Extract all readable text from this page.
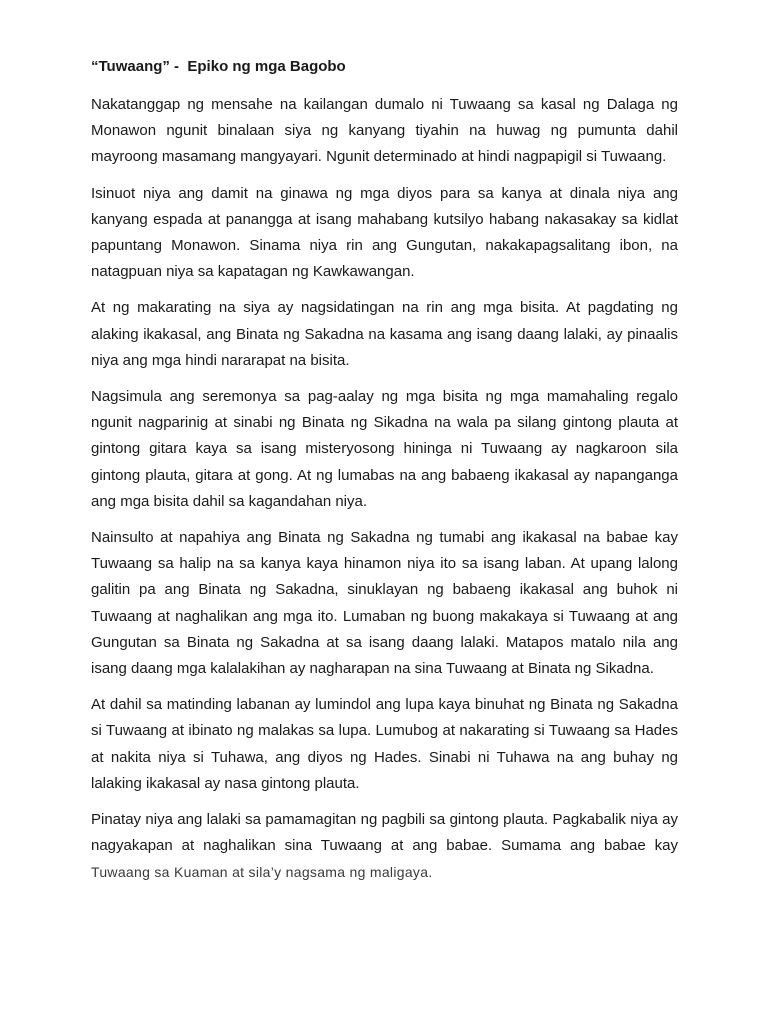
“Tuwaang” -  Epiko ng mga Bagobo

Nakatanggap ng mensahe na kailangan dumalo ni Tuwaang sa kasal ng Dalaga ng Monawon ngunit binalaan siya ng kanyang tiyahin na huwag ng pumunta dahil mayroong masamang mangyayari. Ngunit determinado at hindi nagpapigil si Tuwaang.

Isinuot niya ang damit na ginawa ng mga diyos para sa kanya at dinala niya ang kanyang espada at panangga at isang mahabang kutsilyo habang nakasakay sa kidlat papuntang Monawon. Sinama niya rin ang Gungutan, nakakapagsalitang ibon, na natagpuan niya sa kapatagan ng Kawkawangan.

At ng makarating na siya ay nagsidatingan na rin ang mga bisita. At pagdating ng alaking ikakasal, ang Binata ng Sakadna na kasama ang isang daang lalaki, ay pinaalis niya ang mga hindi nararapat na bisita.

Nagsimula ang seremonya sa pag-aalay ng mga bisita ng mga mamahaling regalo ngunit nagparinig at sinabi ng Binata ng Sikadna na wala pa silang gintong plauta at gintong gitara kaya sa isang misteryosong hininga ni Tuwaang ay nagkaroon sila gintong plauta, gitara at gong. At ng lumabas na ang babaeng ikakasal ay napanganga ang mga bisita dahil sa kagandahan niya.

Nainsulto at napahiya ang Binata ng Sakadna ng tumabi ang ikakasal na babae kay Tuwaang sa halip na sa kanya kaya hinamon niya ito sa isang laban. At upang lalong galitin pa ang Binata ng Sakadna, sinuklayan ng babaeng ikakasal ang buhok ni Tuwaang at naghalikan ang mga ito. Lumaban ng buong makakaya si Tuwaang at ang Gungutan sa Binata ng Sakadna at sa isang daang lalaki. Matapos matalo nila ang isang daang mga kalalakihan ay nagharapan na sina Tuwaang at Binata ng Sikadna.

At dahil sa matinding labanan ay lumindol ang lupa kaya binuhat ng Binata ng Sakadna si Tuwaang at ibinato ng malakas sa lupa. Lumubog at nakarating si Tuwaang sa Hades at nakita niya si Tuhawa, ang diyos ng Hades. Sinabi ni Tuhawa na ang buhay ng lalaking ikakasal ay nasa gintong plauta.

Pinatay niya ang lalaki sa pamamagitan ng pagbili sa gintong plauta. Pagkabalik niya ay nagyakapan at naghalikan sina Tuwaang at ang babae. Sumama ang babae kay Tuwaang sa Kuaman at sila’y nagsama ng maligaya.
